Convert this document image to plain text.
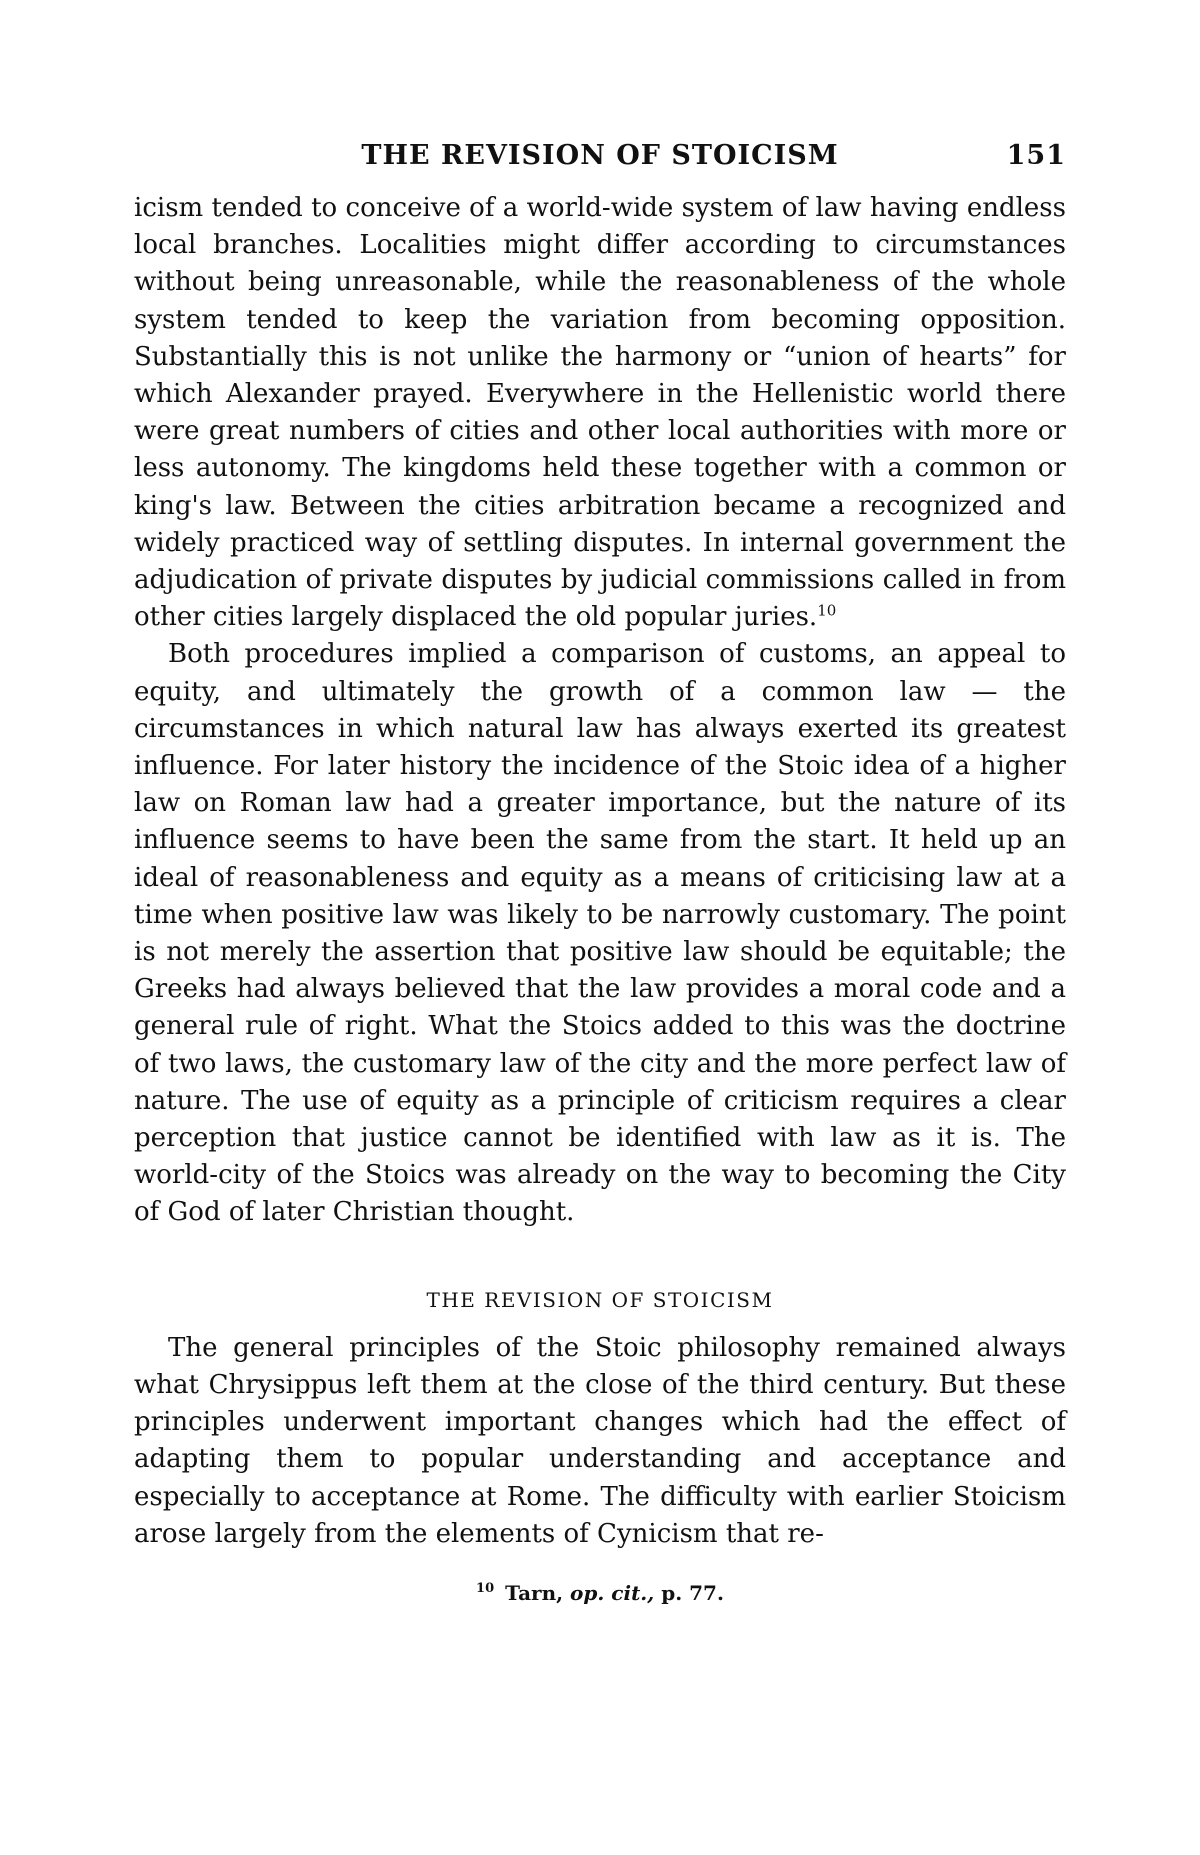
THE REVISION OF STOICISM	151

icism tended to conceive of a world-wide system of law having endless local branches. Localities might differ according to circumstances without being unreasonable, while the reasonableness of the whole system tended to keep the variation from becoming opposition. Substantially this is not unlike the harmony or “union of hearts” for which Alexander prayed. Everywhere in the Hellenistic world there were great numbers of cities and other local authorities with more or less autonomy. The kingdoms held these together with a common or king's law. Between the cities arbitration became a recognized and widely practiced way of settling disputes. In internal government the adjudication of private disputes by judicial commissions called in from other cities largely displaced the old popular juries.$^{10}$

Both procedures implied a comparison of customs, an appeal to equity, and ultimately the growth of a common law — the circumstances in which natural law has always exerted its greatest influence. For later history the incidence of the Stoic idea of a higher law on Roman law had a greater importance, but the nature of its influence seems to have been the same from the start. It held up an ideal of reasonableness and equity as a means of criticising law at a time when positive law was likely to be narrowly customary. The point is not merely the assertion that positive law should be equitable; the Greeks had always believed that the law provides a moral code and a general rule of right. What the Stoics added to this was the doctrine of two laws, the customary law of the city and the more perfect law of nature. The use of equity as a principle of criticism requires a clear perception that justice cannot be identified with law as it is. The world-city of the Stoics was already on the way to becoming the City of God of later Christian thought.

THE REVISION OF STOICISM

The general principles of the Stoic philosophy remained always what Chrysippus left them at the close of the third century. But these principles underwent important changes which had the effect of adapting them to popular understanding and acceptance and especially to acceptance at Rome. The difficulty with earlier Stoicism arose largely from the elements of Cynicism that re-

$^{10}$ Tarn, op. cit., p. 77.
